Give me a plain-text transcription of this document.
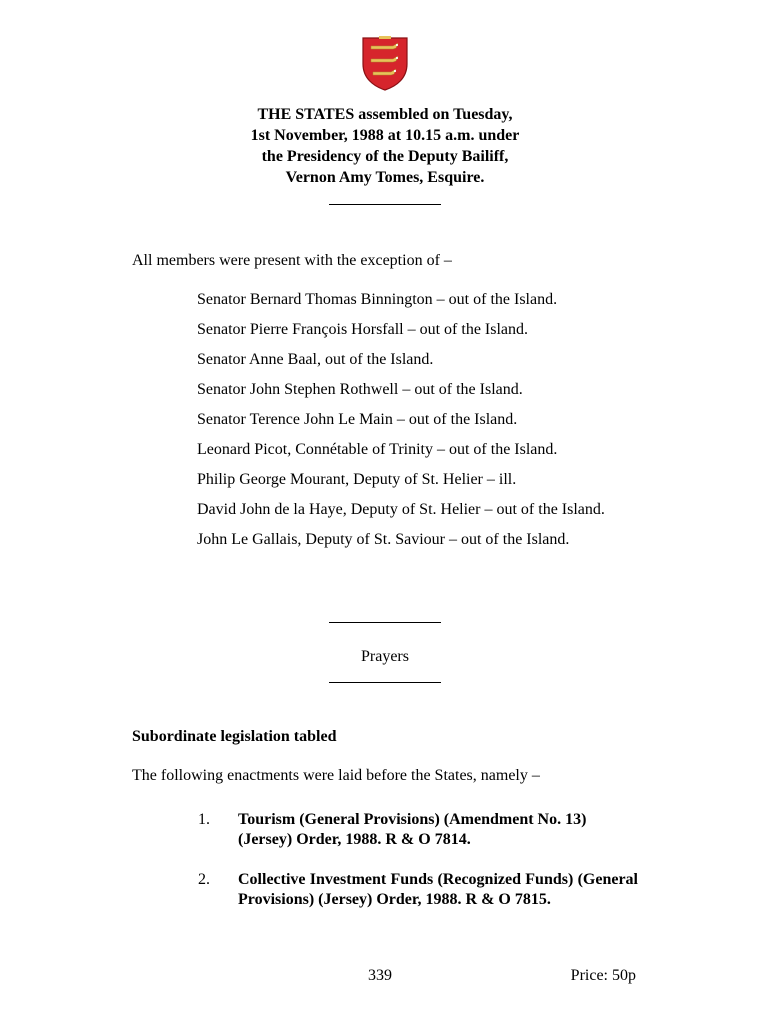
THE STATES assembled on Tuesday,
1st November, 1988 at 10.15 a.m. under
the Presidency of the Deputy Bailiff,
Vernon Amy Tomes, Esquire.
All members were present with the exception of –
Senator Bernard Thomas Binnington – out of the Island.
Senator Pierre François Horsfall – out of the Island.
Senator Anne Baal, out of the Island.
Senator John Stephen Rothwell – out of the Island.
Senator Terence John Le Main – out of the Island.
Leonard Picot, Connétable of Trinity – out of the Island.
Philip George Mourant, Deputy of St. Helier – ill.
David John de la Haye, Deputy of St. Helier – out of the Island.
John Le Gallais, Deputy of St. Saviour – out of the Island.
Prayers
Subordinate legislation tabled
The following enactments were laid before the States, namely –
1.	Tourism (General Provisions) (Amendment No. 13) (Jersey) Order, 1988. R & O 7814.
2.	Collective Investment Funds (Recognized Funds) (General Provisions) (Jersey) Order, 1988. R & O 7815.
339	Price: 50p
